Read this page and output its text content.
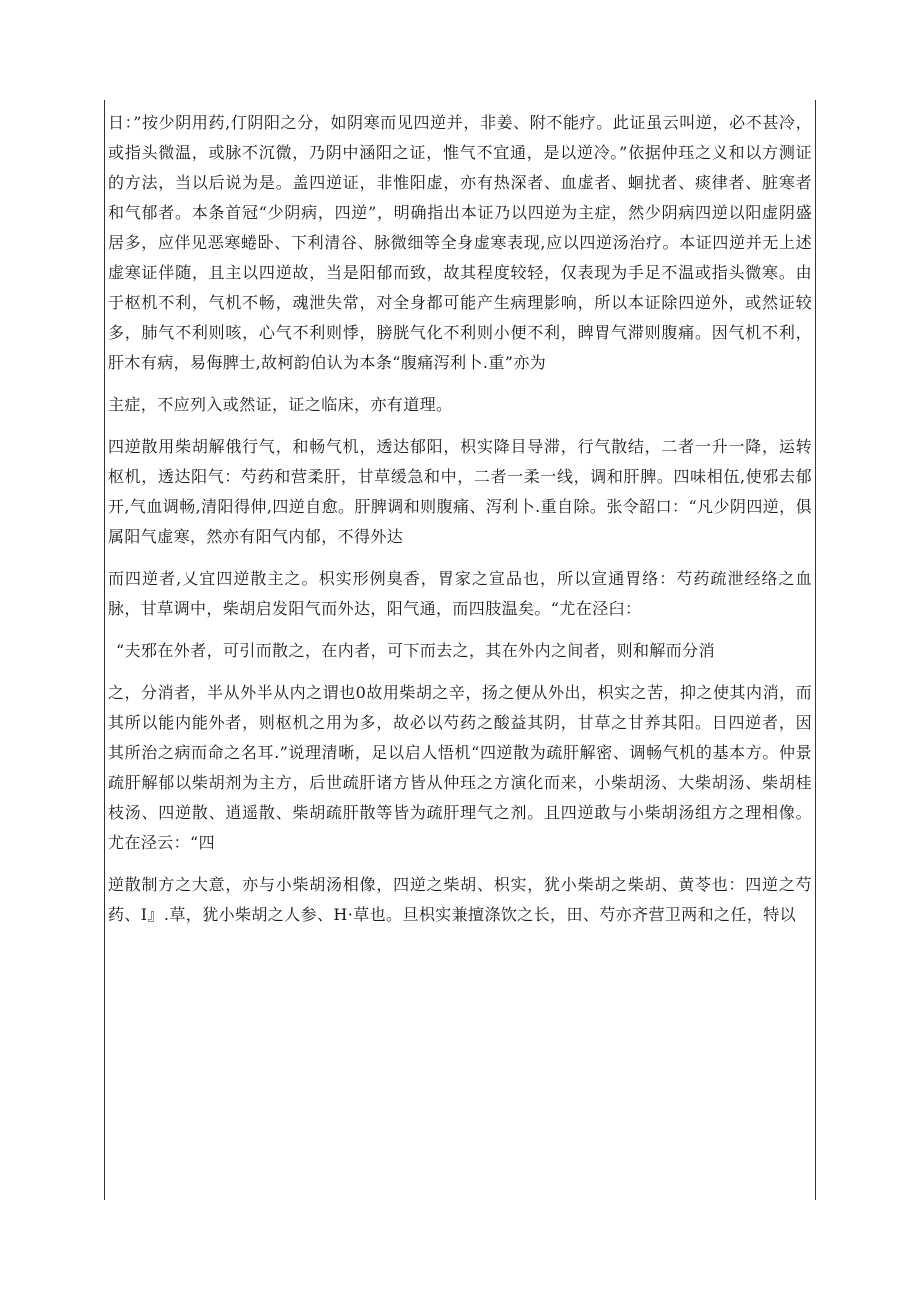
日：”按少阴用药,仃阴阳之分，如阴寒而见四逆并，非姜、附不能疗。此证虽云叫逆，必不甚冷，或指头微温，或脉不沉微，乃阴中涵阳之证，惟气不宜通，是以逆冷。”依据仲珏之义和以方测证的方法，当以后说为是。盖四逆证，非惟阳虚，亦有热深者、血虚者、蛔扰者、痰律者、脏寒者和气郁者。本条首冠“少阴病，四逆”，明确指出本证乃以四逆为主症，然少阴病四逆以阳虚阴盛居多，应伴见恶寒蜷卧、下利清谷、脉微细等全身虚寒表现,应以四逆汤治疗。本证四逆并无上述虚寒证伴随，且主以四逆故，当是阳郁而致，故其程度较轻，仅表现为手足不温或指头微寒。由于枢机不利，气机不畅，魂泄失常，对全身都可能产生病理影响，所以本证除四逆外，或然证较多，肺气不利则咳，心气不利则悸，膀胱气化不利则小便不利，睥胃气滞则腹痛。因气机不利，肝木有病，易侮脾士,故柯韵伯认为本条“腹痛泻利卜.重”亦为

主症，不应列入或然证，证之临床，亦有道理。

四逆散用柴胡解俄行气，和畅气机，透达郁阳，枳实降目导滞，行气散结，二者一升一降，运转枢机，透达阳气：芍药和营柔肝，甘草缓急和中，二者一柔一线，调和肝脾。四味相伍,使邪去郁开,气血调畅,清阳得伸,四逆自愈。肝脾调和则腹痛、泻利卜.重自除。张令韶口：“凡少阴四逆，俱属阳气虚寒，然亦有阳气内郁，不得外达

而四逆者,乂宜四逆散主之。枳实形例臭香，胃家之宣品也，所以宣通胃络：芍药疏泄经络之血脉，甘草调中，柴胡启发阳气而外达，阳气通，而四肢温矣。“尤在泾臼：

“夫邪在外者，可引而散之，在内者，可下而去之，其在外内之间者，则和解而分消

之，分消者，半从外半从内之谓也0故用柴胡之辛，扬之便从外出，枳实之苦，抑之使其内消，而其所以能内能外者，则枢机之用为多，故必以芍药之酸益其阴，甘草之甘养其阳。日四逆者，因其所治之病而命之名耳.”说理清晰，足以启人悟机“四逆散为疏肝解密、调畅气机的基本方。仲景疏肝解郁以柴胡剂为主方，后世疏肝诸方皆从仲珏之方演化而来，小柴胡汤、大柴胡汤、柴胡桂枝汤、四逆散、逍遥散、柴胡疏肝散等皆为疏肝理气之剂。且四逆敢与小柴胡汤组方之理相像。尤在泾云：“四

逆散制方之大意，亦与小柴胡汤相像，四逆之柴胡、枳实，犹小柴胡之柴胡、黄苓也：四逆之芍药、I』.草，犹小柴胡之人参、H·草也。旦枳实兼擅涤饮之长，田、芍亦齐营卫两和之任，特以
